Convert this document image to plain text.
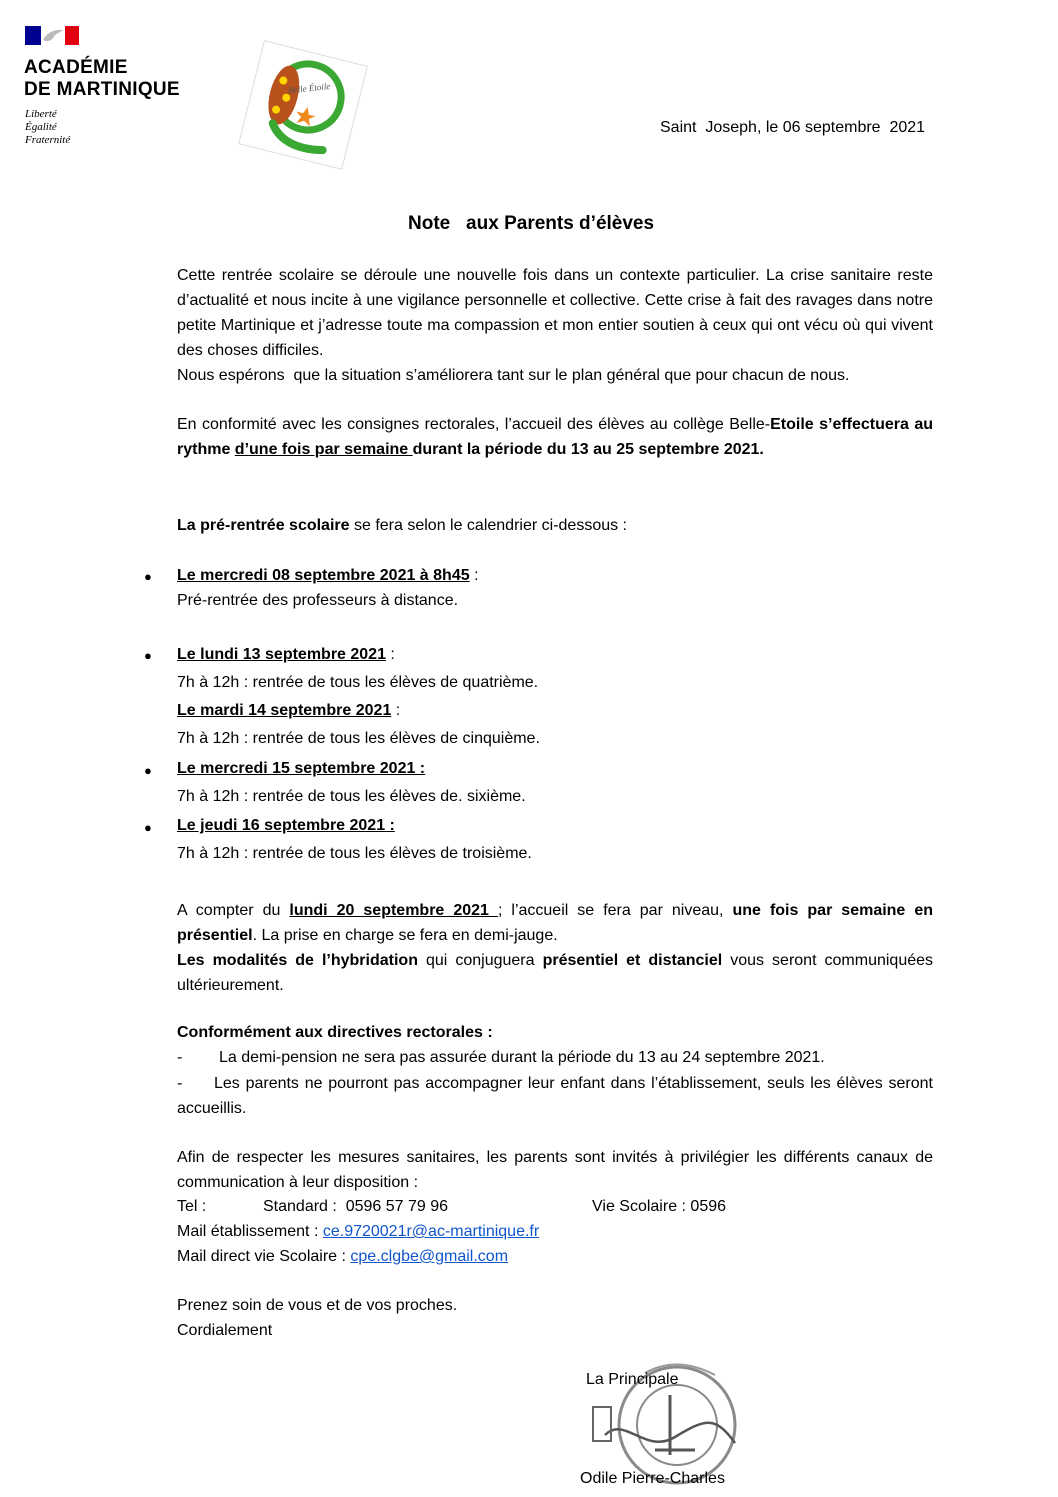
ACADÉMIE
DE MARTINIQUE
Liberté
Égalité
Fraternité
Belle Étoile
Saint  Joseph, le 06 septembre  2021
Note   aux Parents d’élèves
Cette rentrée scolaire se déroule une nouvelle fois dans un contexte particulier. La crise sanitaire reste d’actualité et nous incite à une vigilance personnelle et collective. Cette crise à fait des ravages dans notre petite Martinique et j’adresse toute ma compassion et mon entier soutien à ceux qui ont vécu où qui vivent des choses difficiles.
Nous espérons  que la situation s’améliorera tant sur le plan général que pour chacun de nous.
En conformité avec les consignes rectorales, l’accueil des élèves au collège Belle-Etoile s’effectuera au rythme d’une fois par semaine durant la période du 13 au 25 septembre 2021.
La pré-rentrée scolaire se fera selon le calendrier ci-dessous :
● Le mercredi 08 septembre 2021 à 8h45 :
Pré-rentrée des professeurs à distance.
● Le lundi 13 septembre 2021 :
7h à 12h : rentrée de tous les élèves de quatrième.
Le mardi 14 septembre 2021 :
7h à 12h : rentrée de tous les élèves de cinquième.
● Le mercredi 15 septembre 2021 :
7h à 12h : rentrée de tous les élèves de. sixième.
● Le jeudi 16 septembre 2021 :
7h à 12h : rentrée de tous les élèves de troisième.
A compter du lundi 20 septembre 2021 ; l’accueil se fera par niveau, une fois par semaine en présentiel. La prise en charge se fera en demi-jauge.
Les modalités de l’hybridation qui conjuguera présentiel et distanciel vous seront communiquées ultérieurement.
Conformément aux directives rectorales :
- La demi-pension ne sera pas assurée durant la période du 13 au 24 septembre 2021.
- Les parents ne pourront pas accompagner leur enfant dans l’établissement, seuls les élèves seront accueillis.
Afin de respecter les mesures sanitaires, les parents sont invités à privilégier les différents canaux de communication à leur disposition :
Tel :	Standard :  0596 57 79 96	Vie Scolaire : 0596
Mail établissement : ce.9720021r@ac-martinique.fr
Mail direct vie Scolaire : cpe.clgbe@gmail.com
Prenez soin de vous et de vos proches.
Cordialement
La Principale
Odile Pierre-Charles
